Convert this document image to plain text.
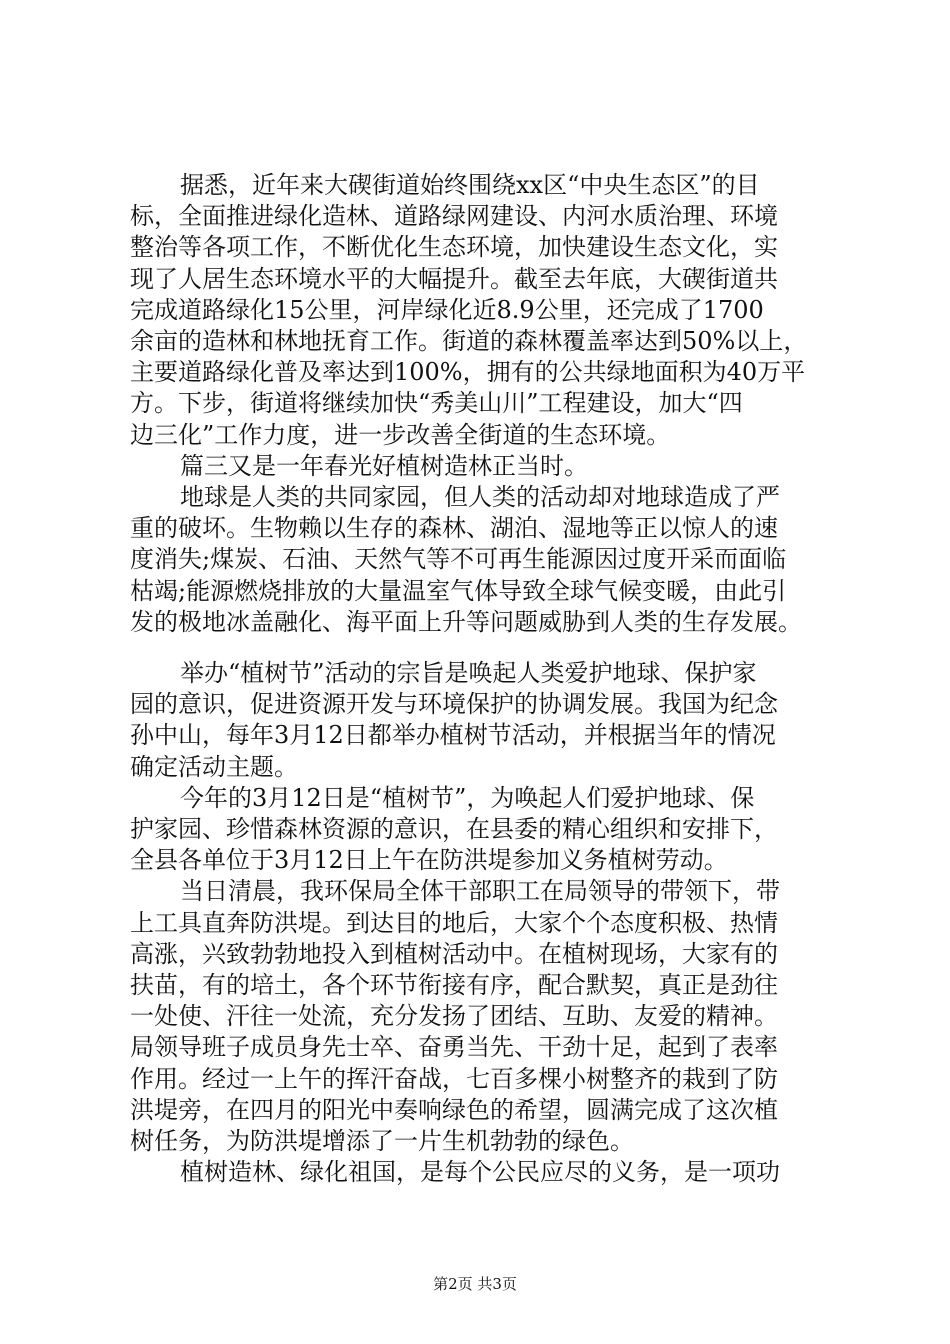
据悉，近年来大碶街道始终围绕xx区“中央生态区”的目
标，全面推进绿化造林、道路绿网建设、内河水质治理、环境
整治等各项工作，不断优化生态环境，加快建设生态文化，实
现了人居生态环境水平的大幅提升。截至去年底，大碶街道共
完成道路绿化15公里，河岸绿化近8.9公里，还完成了1700
余亩的造林和林地抚育工作。街道的森林覆盖率达到50%以上，
主要道路绿化普及率达到100%，拥有的公共绿地面积为40万平
方。下步，街道将继续加快“秀美山川”工程建设，加大“四
边三化”工作力度，进一步改善全街道的生态环境。
篇三又是一年春光好植树造林正当时。
地球是人类的共同家园，但人类的活动却对地球造成了严
重的破坏。生物赖以生存的森林、湖泊、湿地等正以惊人的速
度消失;煤炭、石油、天然气等不可再生能源因过度开采而面临
枯竭;能源燃烧排放的大量温室气体导致全球气候变暖，由此引
发的极地冰盖融化、海平面上升等问题威胁到人类的生存发展。
举办“植树节”活动的宗旨是唤起人类爱护地球、保护家
园的意识，促进资源开发与环境保护的协调发展。我国为纪念
孙中山，每年3月12日都举办植树节活动，并根据当年的情况
确定活动主题。
今年的3月12日是“植树节”，为唤起人们爱护地球、保
护家园、珍惜森林资源的意识，在县委的精心组织和安排下，
全县各单位于3月12日上午在防洪堤参加义务植树劳动。
当日清晨，我环保局全体干部职工在局领导的带领下，带
上工具直奔防洪堤。到达目的地后，大家个个态度积极、热情
高涨，兴致勃勃地投入到植树活动中。在植树现场，大家有的
扶苗，有的培土，各个环节衔接有序，配合默契，真正是劲往
一处使、汗往一处流，充分发扬了团结、互助、友爱的精神。
局领导班子成员身先士卒、奋勇当先、干劲十足，起到了表率
作用。经过一上午的挥汗奋战，七百多棵小树整齐的栽到了防
洪堤旁，在四月的阳光中奏响绿色的希望，圆满完成了这次植
树任务，为防洪堤增添了一片生机勃勃的绿色。
植树造林、绿化祖国，是每个公民应尽的义务，是一项功
第2页 共3页
